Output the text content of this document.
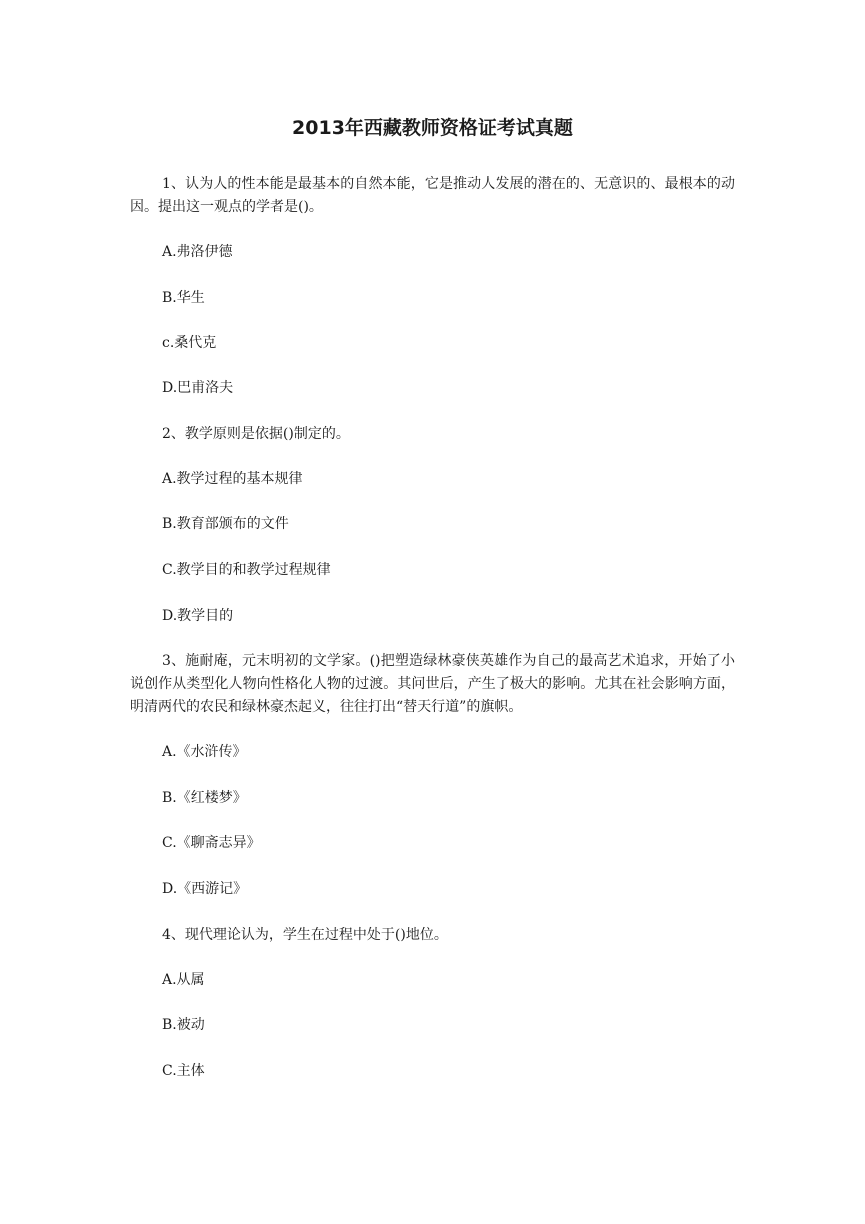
2013年西藏教师资格证考试真题

1、认为人的性本能是最基本的自然本能，它是推动人发展的潜在的、无意识的、最根本的动因。提出这一观点的学者是()。

A.弗洛伊德

B.华生

c.桑代克

D.巴甫洛夫

2、教学原则是依据()制定的。

A.教学过程的基本规律

B.教育部颁布的文件

C.教学目的和教学过程规律

D.教学目的

3、施耐庵，元末明初的文学家。()把塑造绿林豪侠英雄作为自己的最高艺术追求，开始了小说创作从类型化人物向性格化人物的过渡。其问世后，产生了极大的影响。尤其在社会影响方面，明清两代的农民和绿林豪杰起义，往往打出“替天行道”的旗帜。

A.《水浒传》

B.《红楼梦》

C.《聊斋志异》

D.《西游记》

4、现代理论认为，学生在过程中处于()地位。

A.从属

B.被动

C.主体
